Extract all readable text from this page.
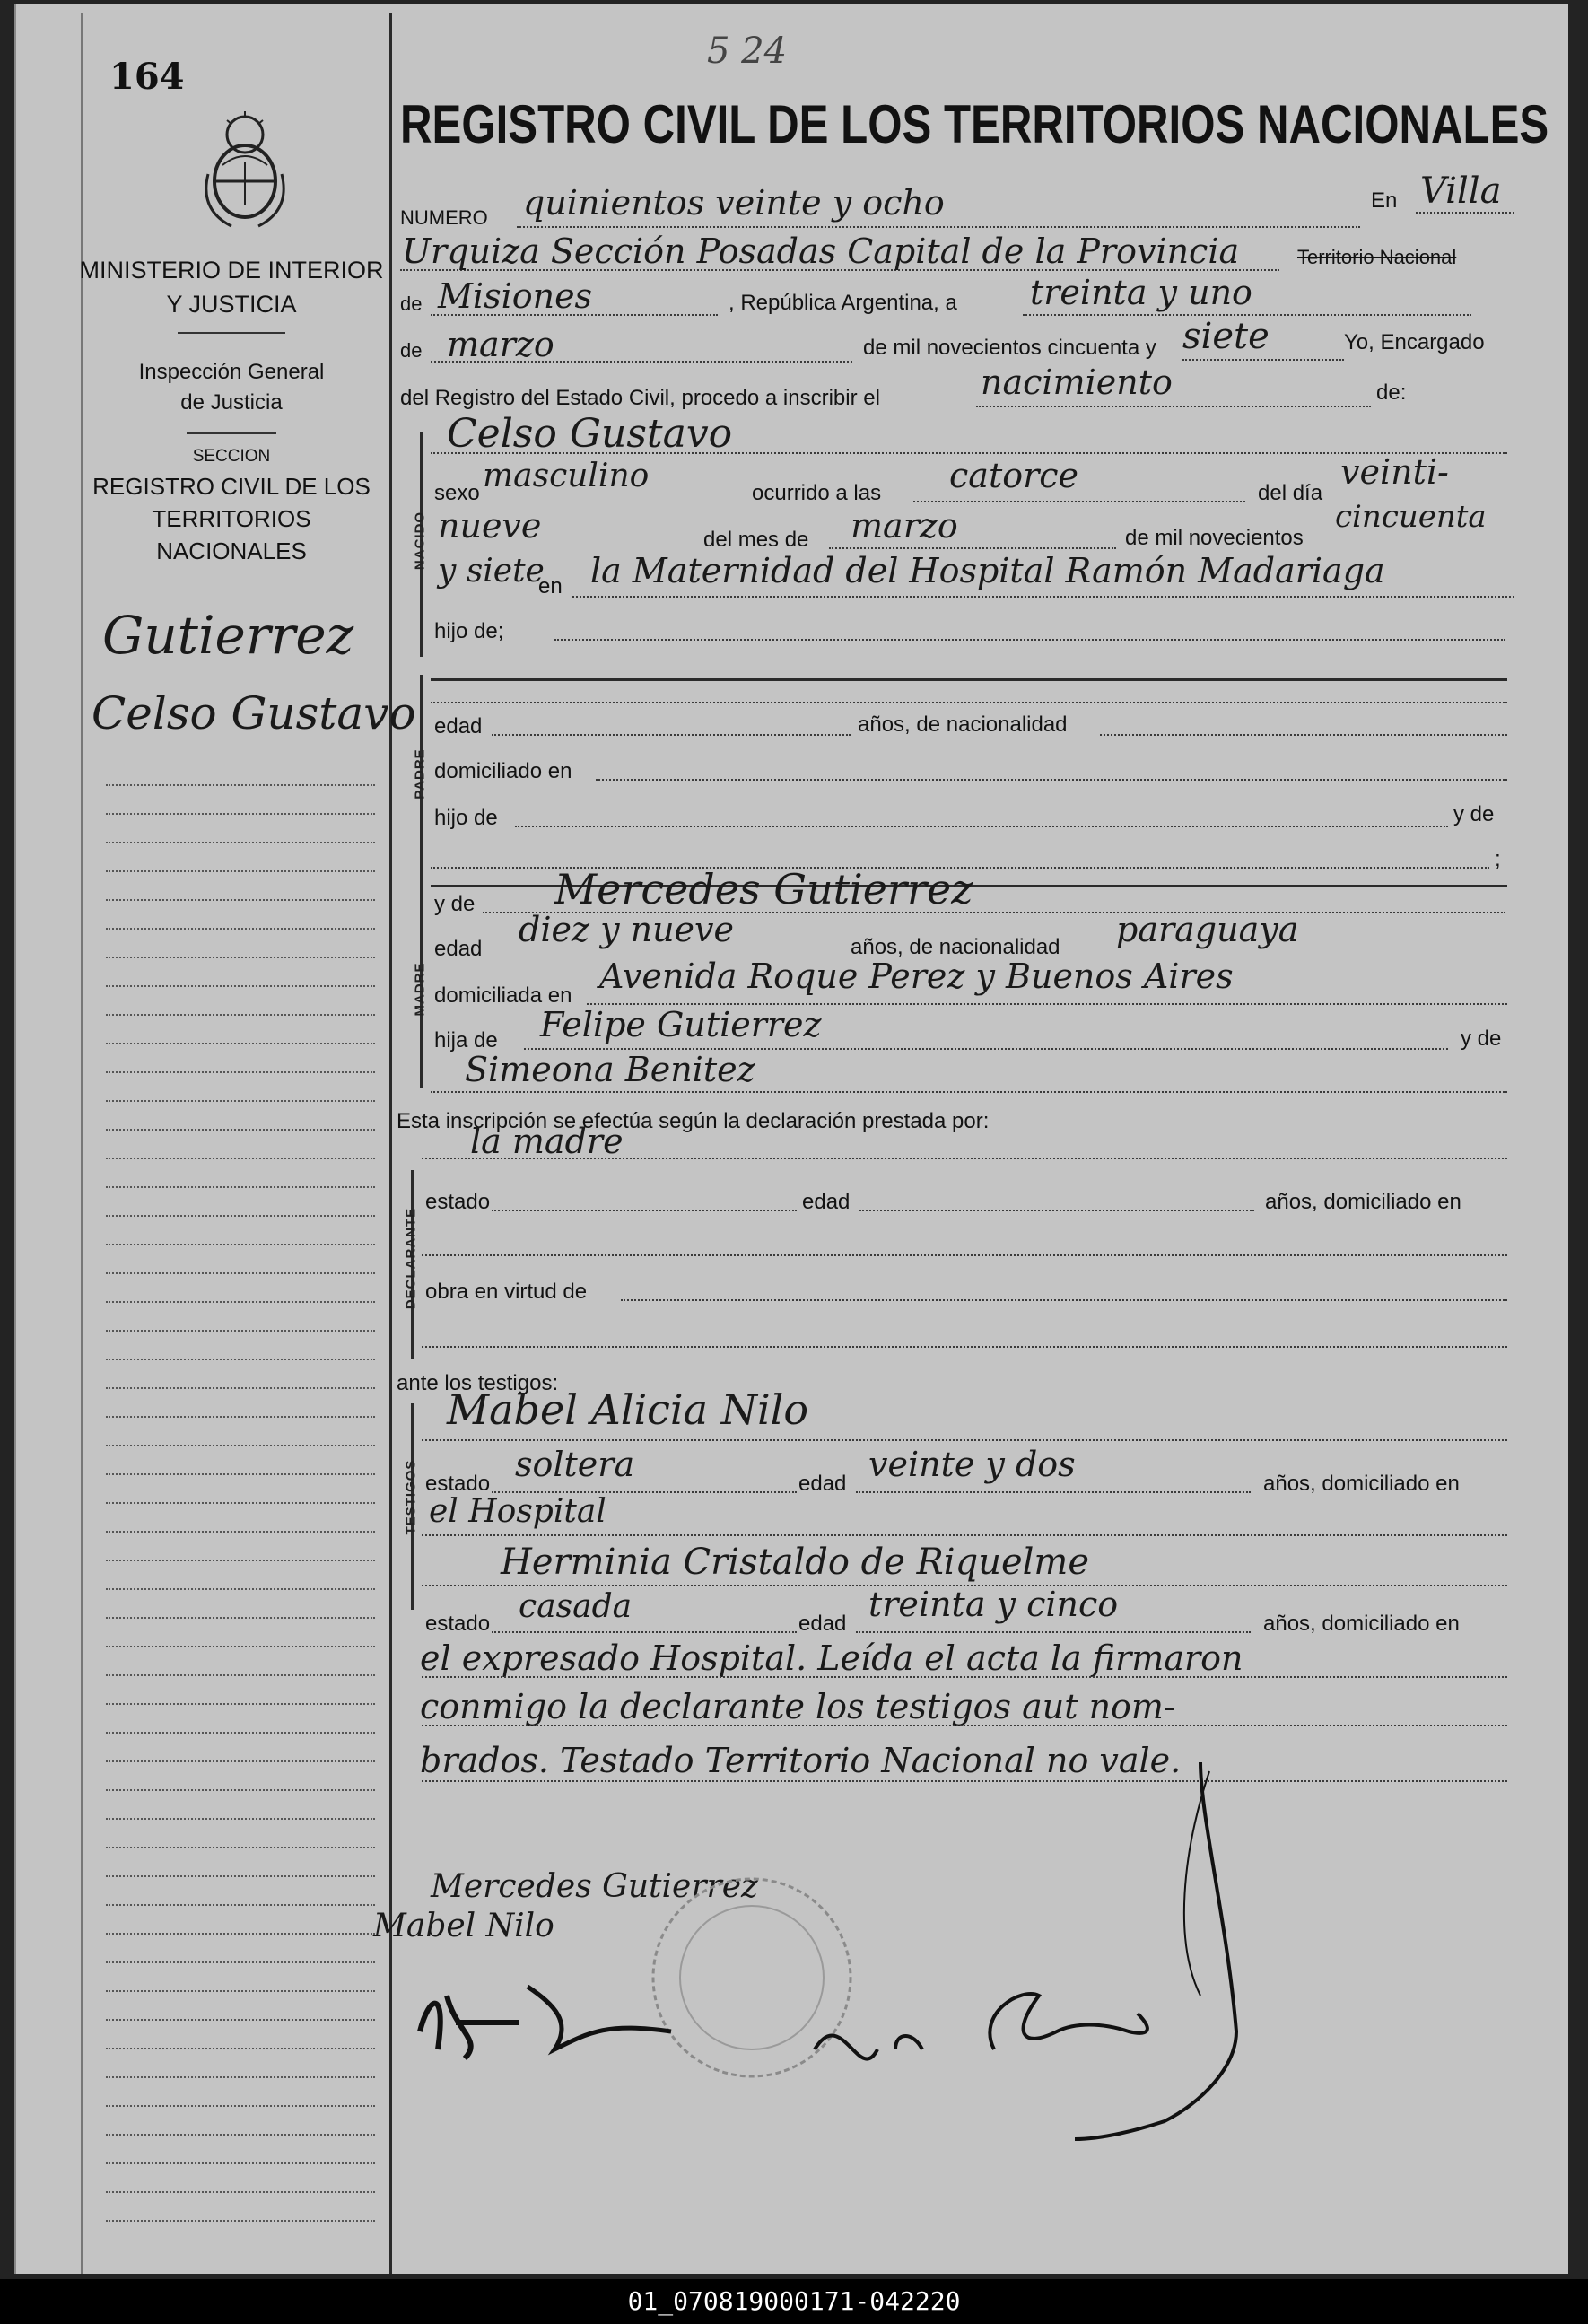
5 24
164
MINISTERIO DE INTERIOR
Y JUSTICIA
Inspección General
de Justicia
SECCION
REGISTRO CIVIL DE LOS
TERRITORIOS NACIONALES
Gutierrez
Celso Gustavo
REGISTRO CIVIL DE LOS TERRITORIOS NACIONALES
NUMERO quinientos veinte y ocho	En Villa
Urquiza Sección Posadas Capital de la Provincia	Territorio Nacional
de Misiones	, República Argentina, a treinta y uno
de marzo	de mil novecientos cincuenta y siete	Yo, Encargado
del Registro del Estado Civil, procedo a inscribir el	nacimiento	de:
NACIDO
Celso Gustavo
sexo masculino	ocurrido a las catorce	del día
veinti-
nueve	del mes de marzo	de mil novecientos
cincuenta
y siete
en la Maternidad del Hospital Ramón Madariaga
hijo de;
PADRE
edad	años, de nacionalidad
domiciliado en
hijo de	y de
;
MADRE
y de Mercedes Gutierrez
edad diez y nueve	años, de nacionalidad paraguaya
domiciliada en Avenida Roque Perez y Buenos Aires
hija de Felipe Gutierrez	y de
Simeona Benitez
Esta inscripción se efectúa según la declaración prestada por:
la madre
DECLARANTE
estado	edad	años, domiciliado en
obra en virtud de
ante los testigos:
TESTIGOS
Mabel Alicia Nilo
estado soltera	edad veinte y dos	años, domiciliado en
el Hospital
Herminia Cristaldo de Riquelme
estado casada	edad treinta y cinco	años, domiciliado en
el expresado Hospital. Leída el acta la firmaron
conmigo la declarante los testigos aut nom-
brados. Testado Territorio Nacional no vale.
Mercedes Gutierrez
Mabel Nilo
01_070819000171-042220
